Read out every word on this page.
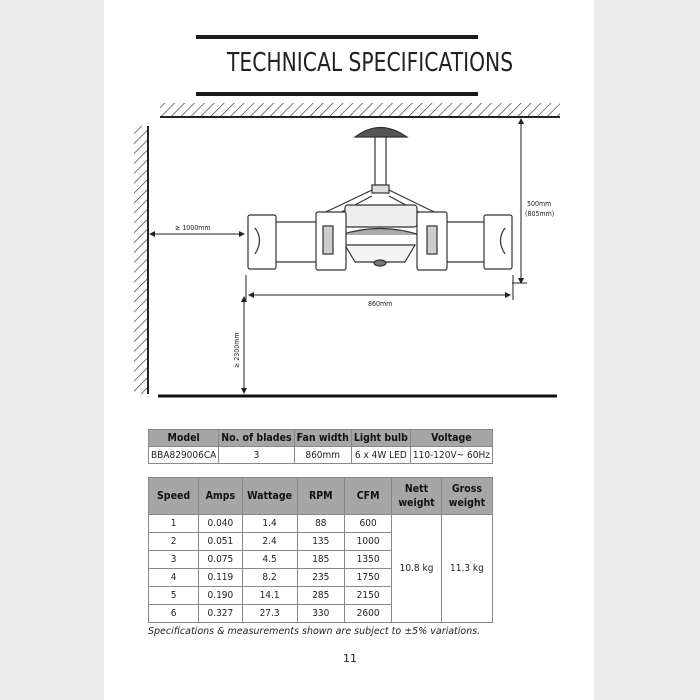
TECHNICAL SPECIFICATIONS
≥ 1000mm
500mm
(805mm)
860mm
≥ 2300mm
Model	No. of blades	Fan width	Light bulb	Voltage
BBA829006CA	3	860mm	6 x 4W LED	110-120V~ 60Hz
Speed	Amps	Wattage	RPM	CFM	Nett weight	Gross weight
1	0.040	1.4	88	600	10.8 kg	11.3 kg
2	0.051	2.4	135	1000		
3	0.075	4.5	185	1350		
4	0.119	8.2	235	1750		
5	0.190	14.1	285	2150		
6	0.327	27.3	330	2600		
Specifications & measurements shown are subject to ±5% variations.
11
